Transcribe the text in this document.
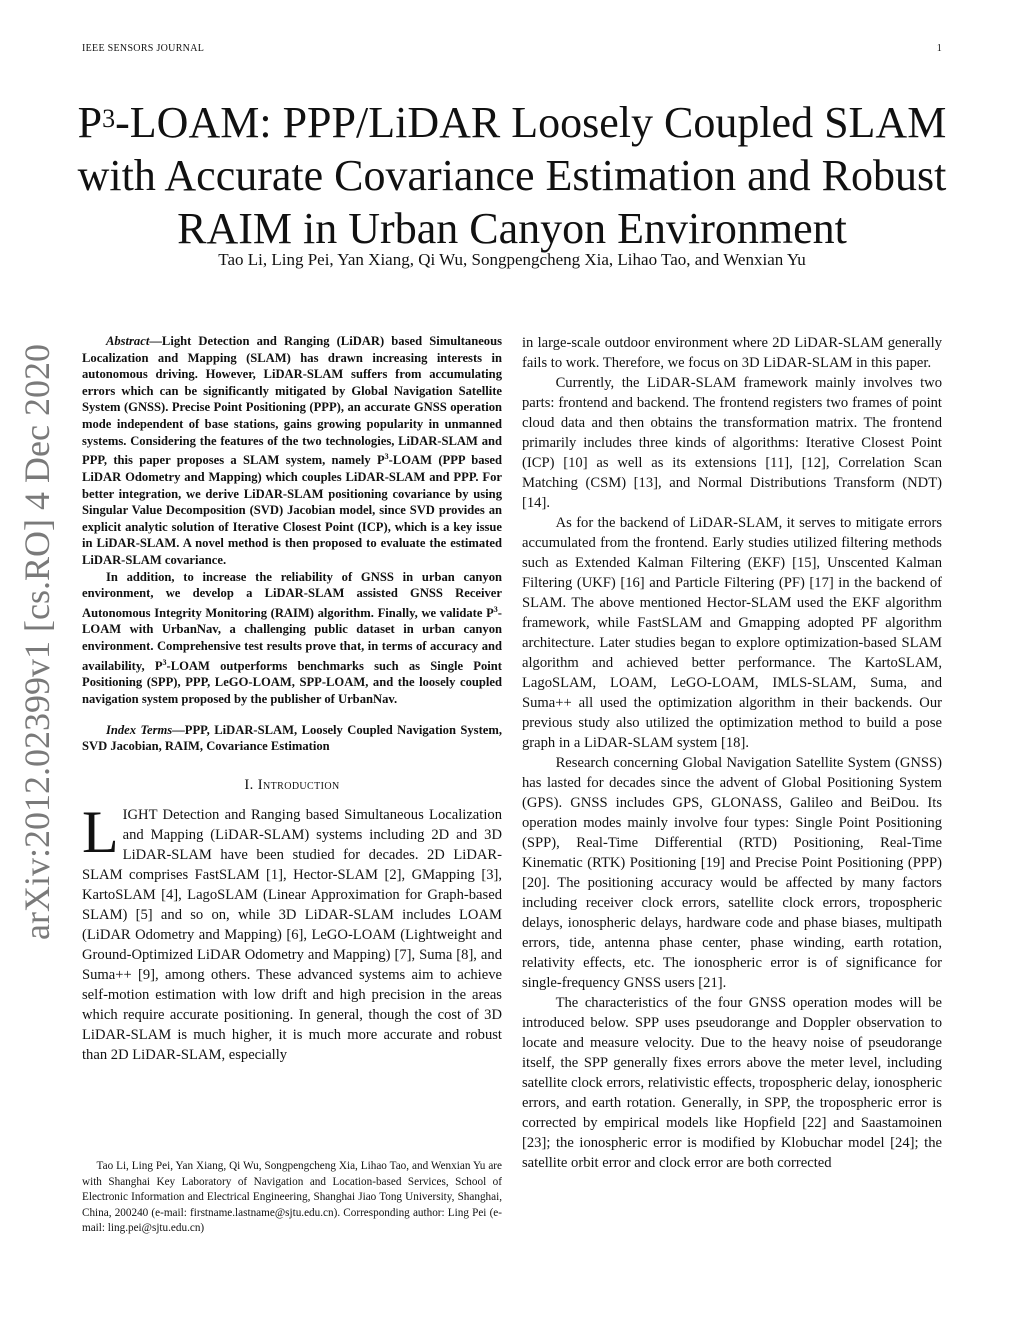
IEEE SENSORS JOURNAL	1
$P^3$-LOAM: PPP/LiDAR Loosely Coupled SLAM with Accurate Covariance Estimation and Robust RAIM in Urban Canyon Environment
Tao Li, Ling Pei, Yan Xiang, Qi Wu, Songpengcheng Xia, Lihao Tao, and Wenxian Yu
arXiv:2012.02399v1 [cs.RO] 4 Dec 2020

Abstract—Light Detection and Ranging (LiDAR) based Simultaneous Localization and Mapping (SLAM) has drawn increasing interests in autonomous driving. However, LiDAR-SLAM suffers from accumulating errors which can be significantly mitigated by Global Navigation Satellite System (GNSS). Precise Point Positioning (PPP), an accurate GNSS operation mode independent of base stations, gains growing popularity in unmanned systems. Considering the features of the two technologies, LiDAR-SLAM and PPP, this paper proposes a SLAM system, namely $P^3$-LOAM (PPP based LiDAR Odometry and Mapping) which couples LiDAR-SLAM and PPP. For better integration, we derive LiDAR-SLAM positioning covariance by using Singular Value Decomposition (SVD) Jacobian model, since SVD provides an explicit analytic solution of Iterative Closest Point (ICP), which is a key issue in LiDAR-SLAM. A novel method is then proposed to evaluate the estimated LiDAR-SLAM covariance.

In addition, to increase the reliability of GNSS in urban canyon environment, we develop a LiDAR-SLAM assisted GNSS Receiver Autonomous Integrity Monitoring (RAIM) algorithm. Finally, we validate $P^3$-LOAM with UrbanNav, a challenging public dataset in urban canyon environment. Comprehensive test results prove that, in terms of accuracy and availability, $P^3$-LOAM outperforms benchmarks such as Single Point Positioning (SPP), PPP, LeGO-LOAM, SPP-LOAM, and the loosely coupled navigation system proposed by the publisher of UrbanNav.

Index Terms—PPP, LiDAR-SLAM, Loosely Coupled Navigation System, SVD Jacobian, RAIM, Covariance Estimation

I. Introduction

LIGHT Detection and Ranging based Simultaneous Localization and Mapping (LiDAR-SLAM) systems including 2D and 3D LiDAR-SLAM have been studied for decades. 2D LiDAR-SLAM comprises FastSLAM [1], Hector-SLAM [2], GMapping [3], KartoSLAM [4], LagoSLAM (Linear Approximation for Graph-based SLAM) [5] and so on, while 3D LiDAR-SLAM includes LOAM (LiDAR Odometry and Mapping) [6], LeGO-LOAM (Lightweight and Ground-Optimized LiDAR Odometry and Mapping) [7], Suma [8], and Suma++ [9], among others. These advanced systems aim to achieve self-motion estimation with low drift and high precision in the areas which require accurate positioning. In general, though the cost of 3D LiDAR-SLAM is much higher, it is much more accurate and robust than 2D LiDAR-SLAM, especially

Tao Li, Ling Pei, Yan Xiang, Qi Wu, Songpengcheng Xia, Lihao Tao, and Wenxian Yu are with Shanghai Key Laboratory of Navigation and Location-based Services, School of Electronic Information and Electrical Engineering, Shanghai Jiao Tong University, Shanghai, China, 200240 (e-mail: firstname.lastname@sjtu.edu.cn). Corresponding author: Ling Pei (e-mail: ling.pei@sjtu.edu.cn)

in large-scale outdoor environment where 2D LiDAR-SLAM generally fails to work. Therefore, we focus on 3D LiDAR-SLAM in this paper.

Currently, the LiDAR-SLAM framework mainly involves two parts: frontend and backend. The frontend registers two frames of point cloud data and then obtains the transformation matrix. The frontend primarily includes three kinds of algorithms: Iterative Closest Point (ICP) [10] as well as its extensions [11], [12], Correlation Scan Matching (CSM) [13], and Normal Distributions Transform (NDT) [14].

As for the backend of LiDAR-SLAM, it serves to mitigate errors accumulated from the frontend. Early studies utilized filtering methods such as Extended Kalman Filtering (EKF) [15], Unscented Kalman Filtering (UKF) [16] and Particle Filtering (PF) [17] in the backend of SLAM. The above mentioned Hector-SLAM used the EKF algorithm framework, while FastSLAM and Gmapping adopted PF algorithm architecture. Later studies began to explore optimization-based SLAM algorithm and achieved better performance. The KartoSLAM, LagoSLAM, LOAM, LeGO-LOAM, IMLS-SLAM, Suma, and Suma++ all used the optimization algorithm in their backends. Our previous study also utilized the optimization method to build a pose graph in a LiDAR-SLAM system [18].

Research concerning Global Navigation Satellite System (GNSS) has lasted for decades since the advent of Global Positioning System (GPS). GNSS includes GPS, GLONASS, Galileo and BeiDou. Its operation modes mainly involve four types: Single Point Positioning (SPP), Real-Time Differential (RTD) Positioning, Real-Time Kinematic (RTK) Positioning [19] and Precise Point Positioning (PPP) [20]. The positioning accuracy would be affected by many factors including receiver clock errors, satellite clock errors, tropospheric delays, ionospheric delays, hardware code and phase biases, multipath errors, tide, antenna phase center, phase winding, earth rotation, relativity effects, etc. The ionospheric error is of significance for single-frequency GNSS users [21].

The characteristics of the four GNSS operation modes will be introduced below. SPP uses pseudorange and Doppler observation to locate and measure velocity. Due to the heavy noise of pseudorange itself, the SPP generally fixes errors above the meter level, including satellite clock errors, relativistic effects, tropospheric delay, ionospheric errors, and earth rotation. Generally, in SPP, the tropospheric error is corrected by empirical models like Hopfield [22] and Saastamoinen [23]; the ionospheric error is modified by Klobuchar model [24]; the satellite orbit error and clock error are both corrected
